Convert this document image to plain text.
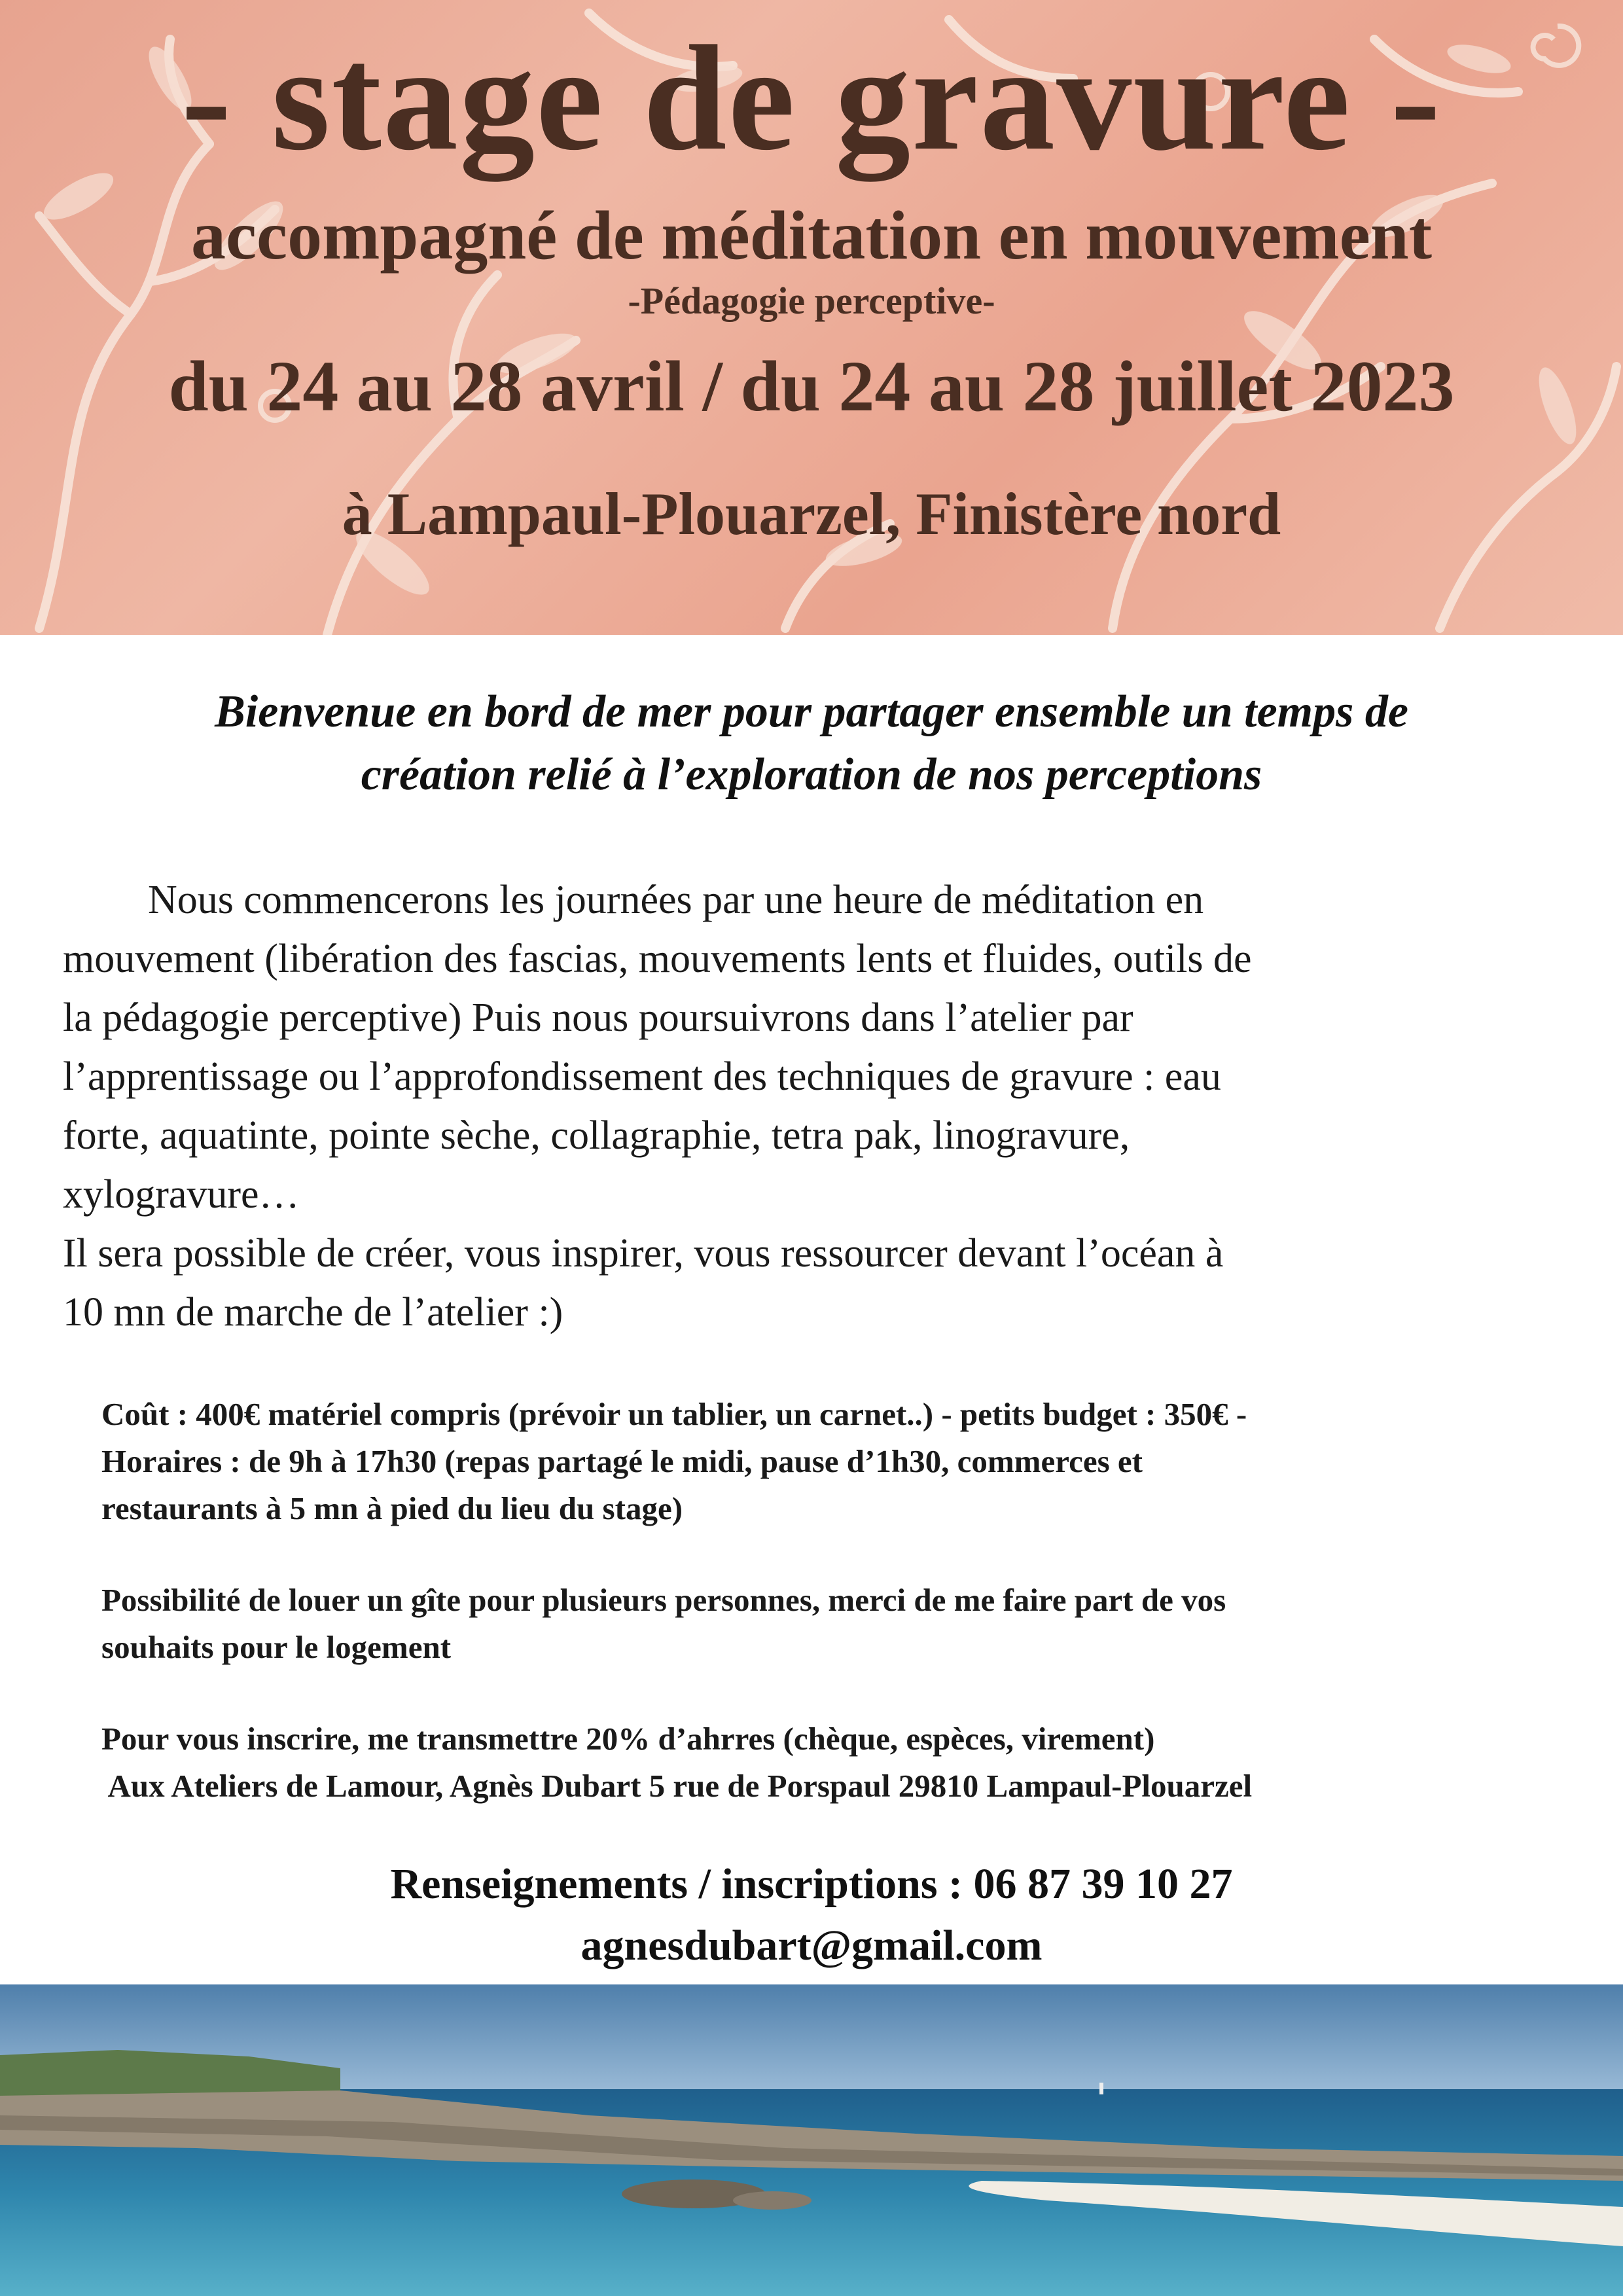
- stage de gravure -
accompagné de méditation en mouvement
-Pédagogie perceptive-
du 24 au 28 avril / du 24 au 28 juillet 2023
à Lampaul-Plouarzel, Finistère nord
Bienvenue en bord de mer pour partager ensemble un temps de
création relié à l’exploration de nos perceptions
Nous commencerons les journées par une heure de méditation en
mouvement (libération des fascias, mouvements lents et fluides, outils de
la pédagogie perceptive) Puis nous poursuivrons dans l’atelier par
l’apprentissage ou l’approfondissement des techniques de gravure : eau
forte, aquatinte, pointe sèche, collagraphie, tetra pak, linogravure,
xylogravure…
Il sera possible de créer, vous inspirer, vous ressourcer devant l’océan à
10 mn de marche de l’atelier :)

Coût : 400€ matériel compris (prévoir un tablier, un carnet..) - petits budget : 350€ -

Horaires : de 9h à 17h30 (repas partagé le midi, pause d’1h30, commerces et

restaurants à 5 mn à pied du lieu du stage)

Possibilité de louer un gîte pour plusieurs personnes, merci de me faire part de vos

souhaits pour le logement

Pour vous inscrire, me transmettre 20% d’ahrres (chèque, espèces, virement)

Aux Ateliers de Lamour, Agnès Dubart 5 rue de Porspaul 29810 Lampaul-Plouarzel

Renseignements / inscriptions : 06 87 39 10 27
agnesdubart@gmail.com
